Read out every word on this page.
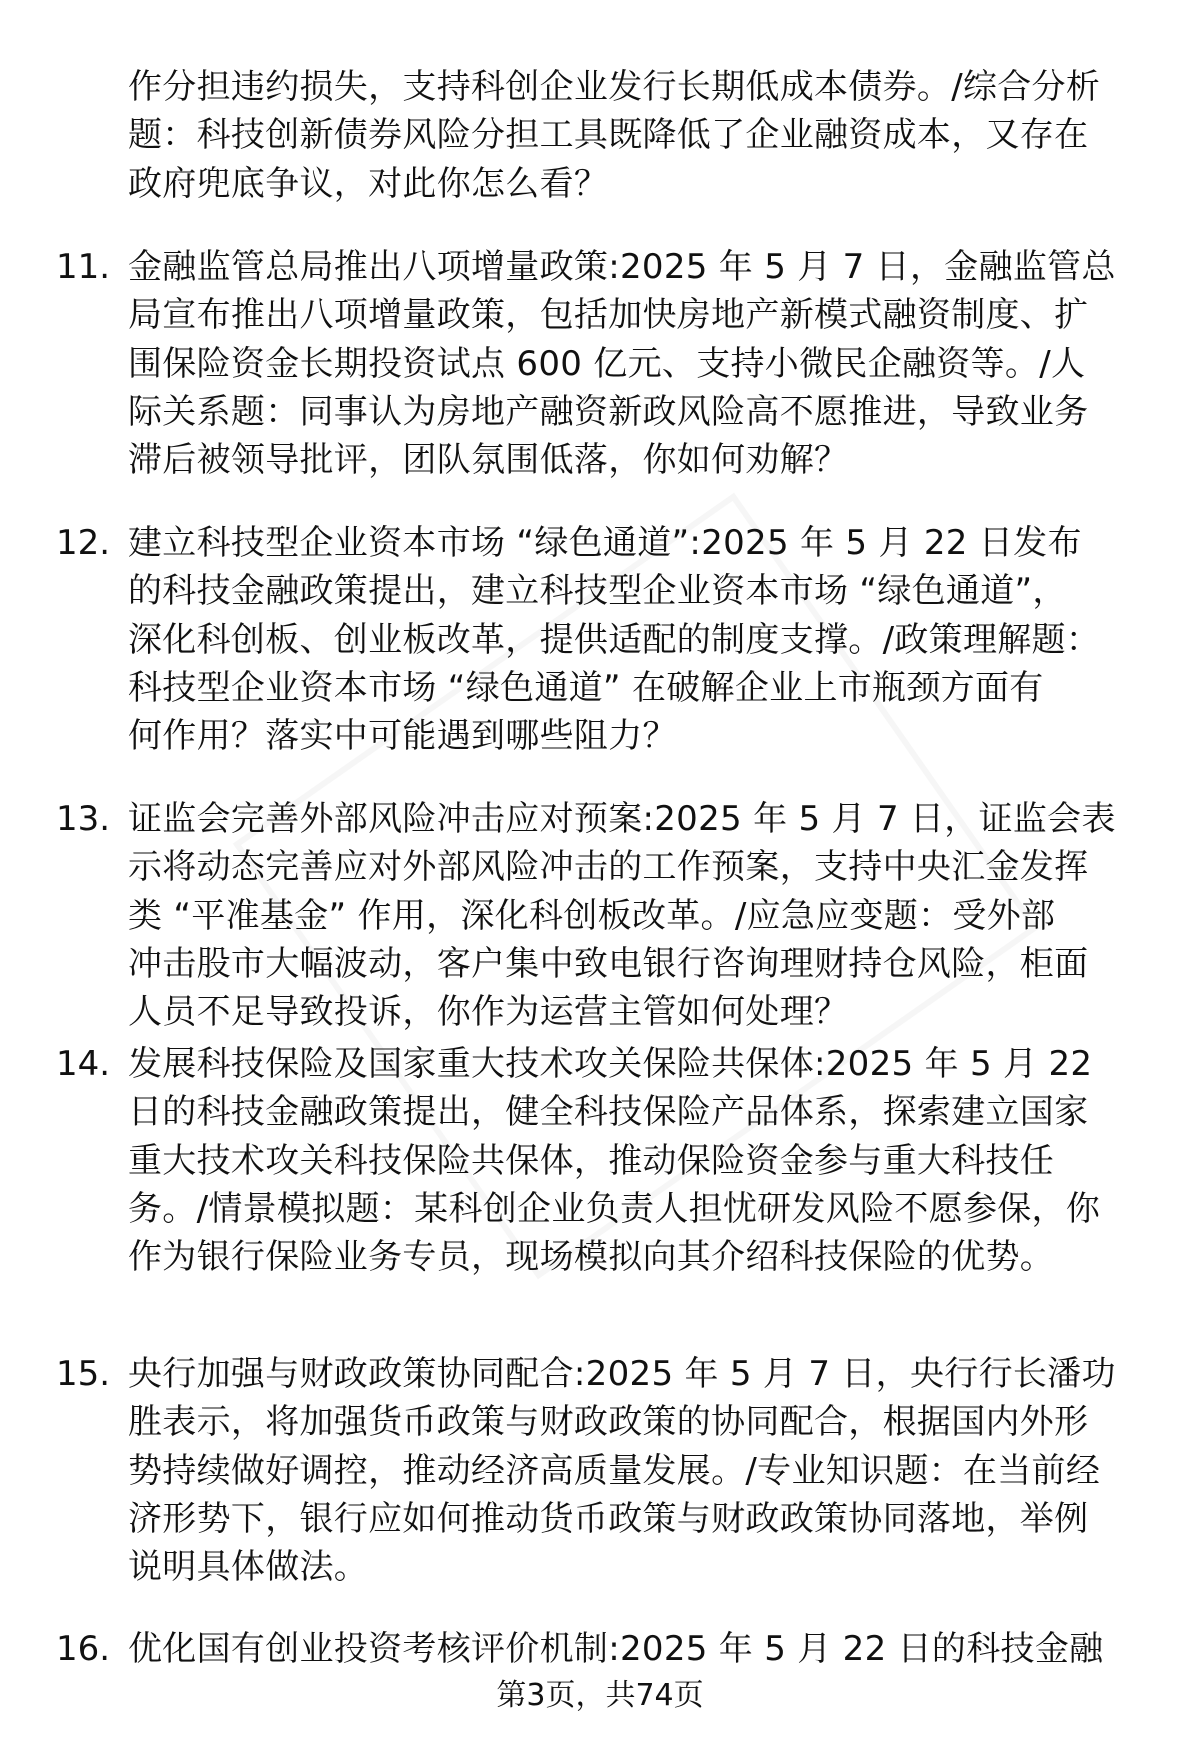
作分担违约损失，支持科创企业发行长期低成本债券。/综合分析
题：科技创新债券风险分担工具既降低了企业融资成本，又存在
政府兜底争议，对此你怎么看？
11. 金融监管总局推出八项增量政策:2025 年 5 月 7 日，金融监管总
局宣布推出八项增量政策，包括加快房地产新模式融资制度、扩
围保险资金长期投资试点 600 亿元、支持小微民企融资等。/人
际关系题：同事认为房地产融资新政风险高不愿推进，导致业务
滞后被领导批评，团队氛围低落，你如何劝解？
12. 建立科技型企业资本市场 “绿色通道”:2025 年 5 月 22 日发布
的科技金融政策提出，建立科技型企业资本市场 “绿色通道”，
深化科创板、创业板改革，提供适配的制度支撑。/政策理解题：
科技型企业资本市场 “绿色通道” 在破解企业上市瓶颈方面有
何作用？落实中可能遇到哪些阻力？
13. 证监会完善外部风险冲击应对预案:2025 年 5 月 7 日，证监会表
示将动态完善应对外部风险冲击的工作预案，支持中央汇金发挥
类 “平准基金” 作用，深化科创板改革。/应急应变题：受外部
冲击股市大幅波动，客户集中致电银行咨询理财持仓风险，柜面
人员不足导致投诉，你作为运营主管如何处理？
14. 发展科技保险及国家重大技术攻关保险共保体:2025 年 5 月 22
日的科技金融政策提出，健全科技保险产品体系，探索建立国家
重大技术攻关科技保险共保体，推动保险资金参与重大科技任
务。/情景模拟题：某科创企业负责人担忧研发风险不愿参保，你
作为银行保险业务专员，现场模拟向其介绍科技保险的优势。
15. 央行加强与财政政策协同配合:2025 年 5 月 7 日，央行行长潘功
胜表示，将加强货币政策与财政政策的协同配合，根据国内外形
势持续做好调控，推动经济高质量发展。/专业知识题：在当前经
济形势下，银行应如何推动货币政策与财政政策协同落地，举例
说明具体做法。
16. 优化国有创业投资考核评价机制:2025 年 5 月 22 日的科技金融
第3页，共74页
